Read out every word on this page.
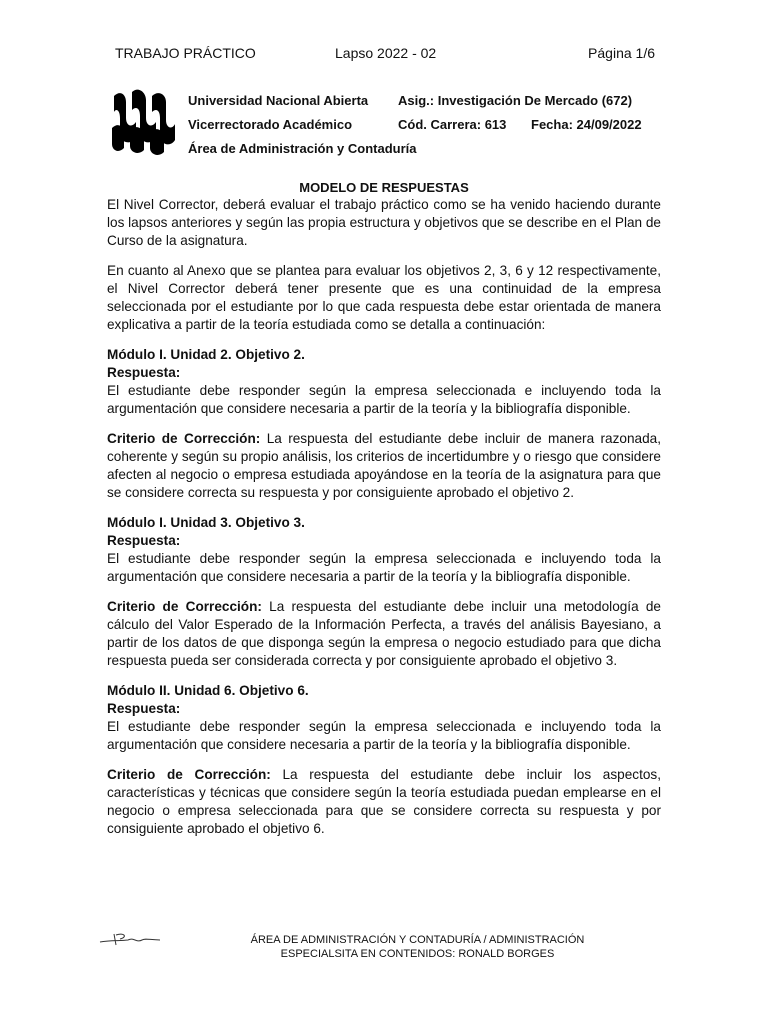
TRABAJO PRÁCTICO	Lapso 2022 - 02	Página 1/6
Universidad Nacional Abierta
Vicerrectorado Académico
Área de Administración y Contaduría
Asig.: Investigación De Mercado (672)
Cód. Carrera: 613 Fecha: 24/09/2022
MODELO DE RESPUESTAS

El Nivel Corrector, deberá evaluar el trabajo práctico como se ha venido haciendo durante los lapsos anteriores y según las propia estructura y objetivos que se describe en el Plan de Curso de la asignatura.

En cuanto al Anexo que se plantea para evaluar los objetivos 2, 3, 6 y 12 respectivamente, el Nivel Corrector deberá tener presente que es una continuidad de la empresa seleccionada por el estudiante por lo que cada respuesta debe estar orientada de manera explicativa a partir de la teoría estudiada como se detalla a continuación:

Módulo I. Unidad 2. Objetivo 2.
Respuesta:

El estudiante debe responder según la empresa seleccionada e incluyendo toda la argumentación que considere necesaria a partir de la teoría y la bibliografía disponible.

Criterio de Corrección: La respuesta del estudiante debe incluir de manera razonada, coherente y según su propio análisis, los criterios de incertidumbre y o riesgo que considere afecten al negocio o empresa estudiada apoyándose en la teoría de la asignatura para que se considere correcta su respuesta y por consiguiente aprobado el objetivo 2.

Módulo I. Unidad 3. Objetivo 3.
Respuesta:

El estudiante debe responder según la empresa seleccionada e incluyendo toda la argumentación que considere necesaria a partir de la teoría y la bibliografía disponible.

Criterio de Corrección: La respuesta del estudiante debe incluir una metodología de cálculo del Valor Esperado de la Información Perfecta, a través del análisis Bayesiano, a partir de los datos de que disponga según la empresa o negocio estudiado para que dicha respuesta pueda ser considerada correcta y por consiguiente aprobado el objetivo 3.

Módulo II. Unidad 6. Objetivo 6.
Respuesta:

El estudiante debe responder según la empresa seleccionada e incluyendo toda la argumentación que considere necesaria a partir de la teoría y la bibliografía disponible.

Criterio de Corrección: La respuesta del estudiante debe incluir los aspectos, características y técnicas que considere según la teoría estudiada puedan emplearse en el negocio o empresa seleccionada para que se considere correcta su respuesta y por consiguiente aprobado el objetivo 6.

ÁREA DE ADMINISTRACIÓN Y CONTADURÍA / ADMINISTRACIÓN
ESPECIALSITA EN CONTENIDOS: RONALD BORGES
